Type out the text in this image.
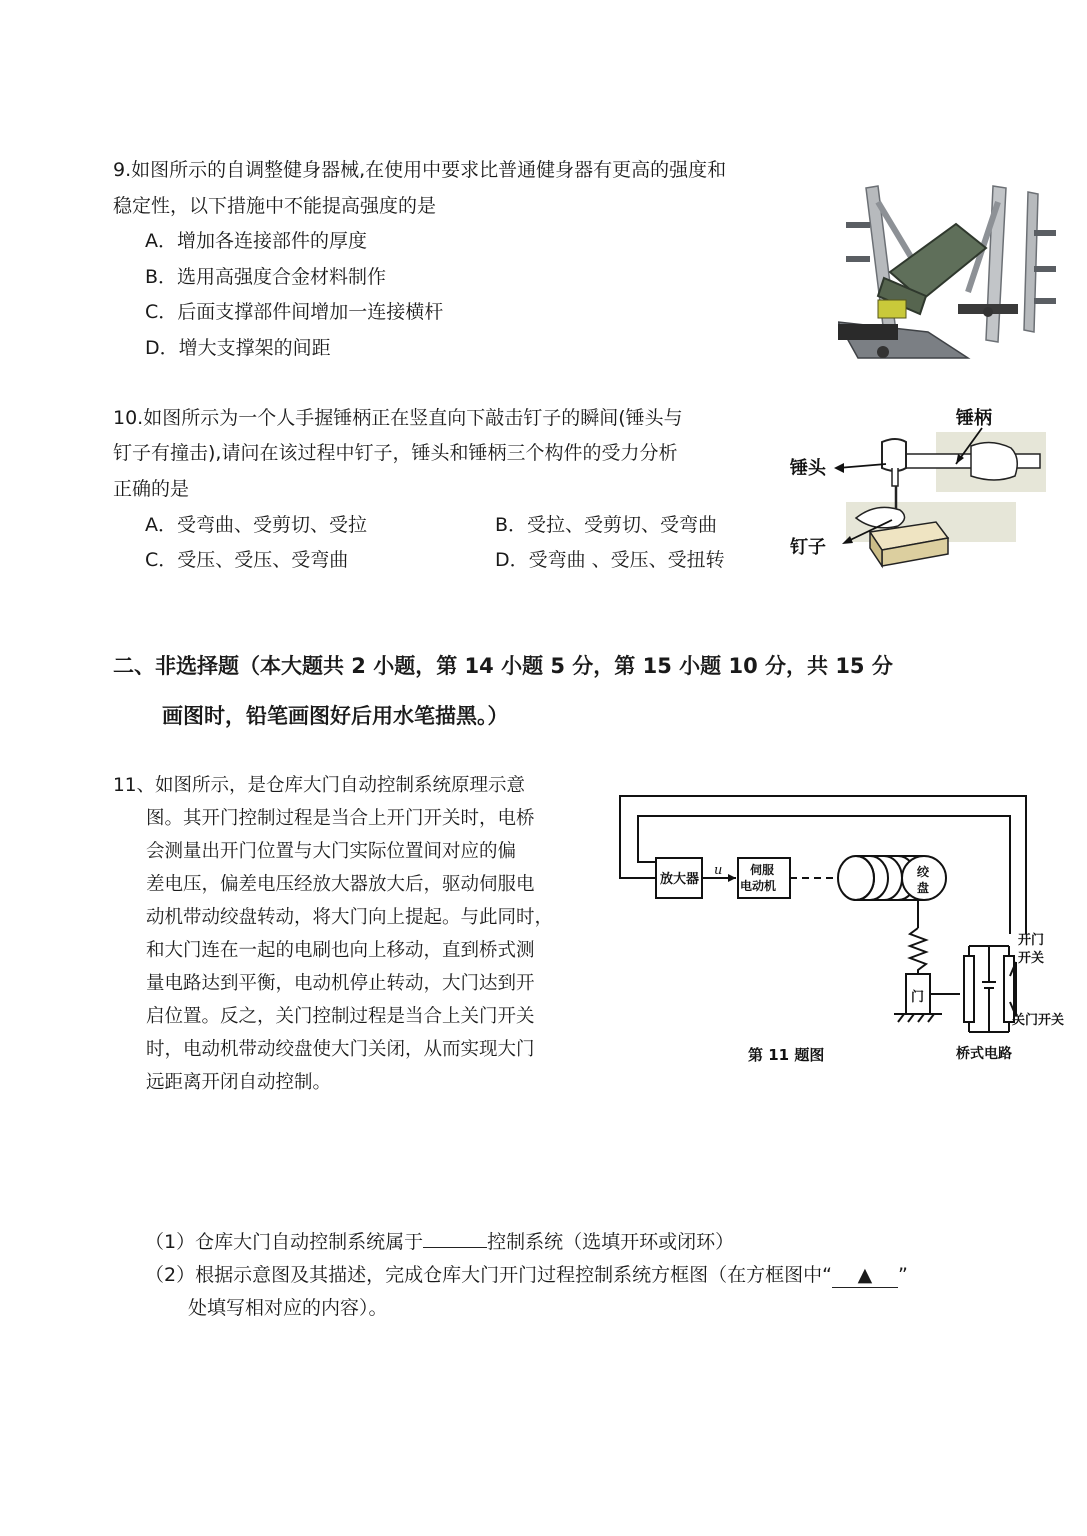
9.如图所示的自调整健身器械,在使用中要求比普通健身器有更高的强度和
稳定性，以下措施中不能提高强度的是
A．增加各连接部件的厚度
B．选用高强度合金材料制作
C．后面支撑部件间增加一连接横杆
D．增大支撑架的间距
10.如图所示为一个人手握锤柄正在竖直向下敲击钉子的瞬间(锤头与
钉子有撞击),请问在该过程中钉子，锤头和锤柄三个构件的受力分析
正确的是
A．受弯曲、受剪切、受拉	B．受拉、受剪切、受弯曲
C．受压、受压、受弯曲	D．受弯曲 、受压、受扭转
锤柄
锤头
钉子
二、非选择题（本大题共 2 小题，第 14 小题 5 分，第 15 小题 10 分，共 15 分
画图时，铅笔画图好后用水笔描黑。）
11、如图所示，是仓库大门自动控制系统原理示意
图。其开门控制过程是当合上开门开关时，电桥
会测量出开门位置与大门实际位置间对应的偏
差电压，偏差电压经放大器放大后，驱动伺服电
动机带动绞盘转动，将大门向上提起。与此同时，
和大门连在一起的电刷也向上移动，直到桥式测
量电路达到平衡，电动机停止转动，大门达到开
启位置。反之，关门控制过程是当合上关门开关
时，电动机带动绞盘使大门关闭，从而实现大门
远距离开闭自动控制。
放大器
u 伺服
电动机
绞
盘
门
开门
开关
关门开关
第 11 题图	桥式电路
（1）仓库大门自动控制系统属于	控制系统（选填开环或闭环）
（2）根据示意图及其描述，完成仓库大门开门过程控制系统方框图（在方框图中“ ▲ ”
处填写相对应的内容）。
